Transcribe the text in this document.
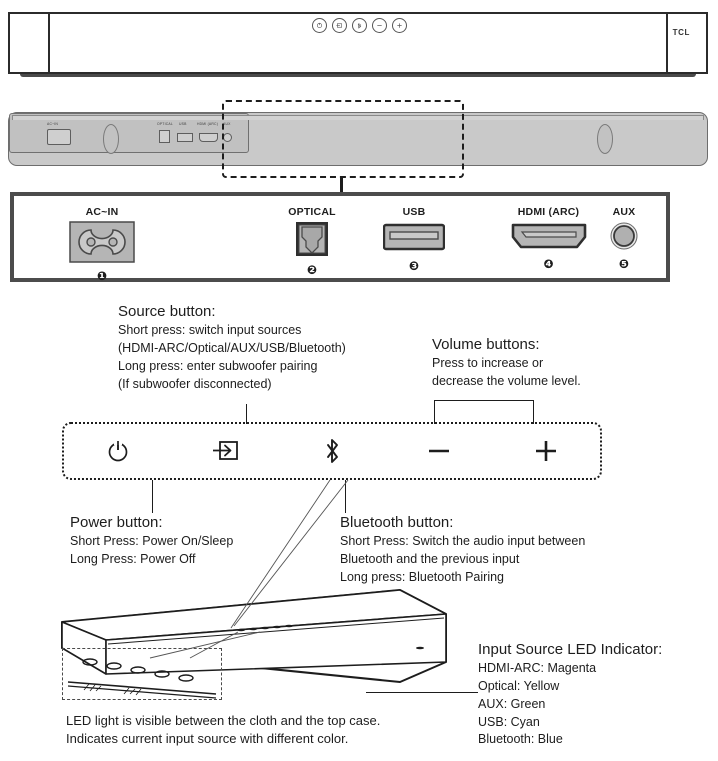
TCL
AC~IN	OPTICAL USB	HDMI (ARC) AUX
AC~IN
❶
OPTICAL
❷
USB
❸
HDMI (ARC)
❹
AUX
❺
Source button:
Short press: switch input sources
(HDMI-ARC/Optical/AUX/USB/Bluetooth)
Long press: enter subwoofer pairing
(If subwoofer disconnected)
Volume buttons:
Press to increase or
decrease the volume level.
Power button:
Short Press: Power On/Sleep
Long Press: Power Off
Bluetooth button:
Short Press: Switch the audio input between
Bluetooth and the previous input
Long press: Bluetooth Pairing
LED light is visible between the cloth and the top case.
Indicates current input source with different color.
Input Source LED Indicator:
HDMI-ARC: Magenta
Optical: Yellow
AUX: Green
USB: Cyan
Bluetooth: Blue
